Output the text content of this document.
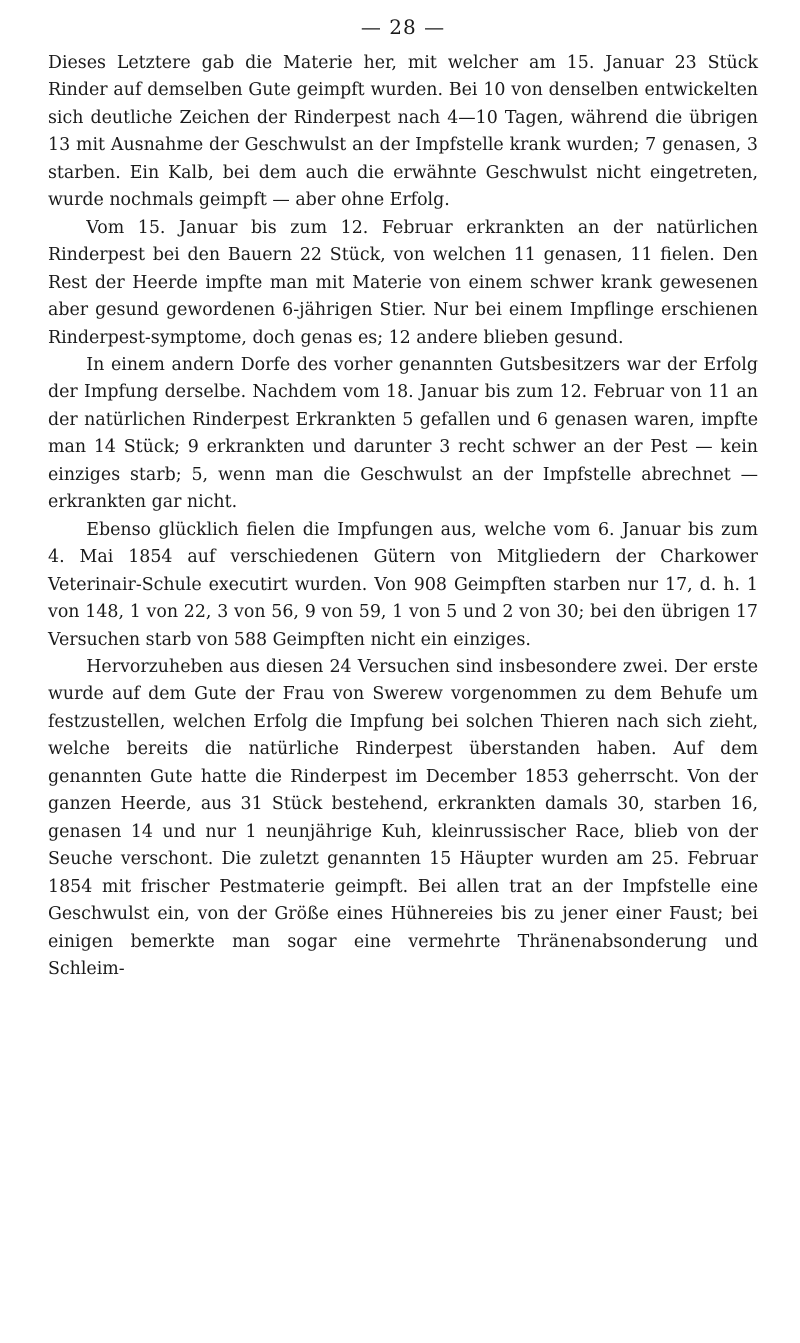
— 28 —

Dieses Letztere gab die Materie her, mit welcher am 15. Januar 23 Stück Rinder auf demselben Gute geimpft wurden. Bei 10 von denselben entwickelten sich deutliche Zeichen der Rinderpest nach 4—10 Tagen, während die übrigen 13 mit Ausnahme der Geschwulst an der Impfstelle krank wurden; 7 genasen, 3 starben. Ein Kalb, bei dem auch die erwähnte Geschwulst nicht eingetreten, wurde nochmals geimpft — aber ohne Erfolg.

Vom 15. Januar bis zum 12. Februar erkrankten an der natürlichen Rinderpest bei den Bauern 22 Stück, von welchen 11 genasen, 11 fielen. Den Rest der Heerde impfte man mit Materie von einem schwer krank gewesenen aber gesund gewordenen 6-jährigen Stier. Nur bei einem Impflinge erschienen Rinderpest-symptome, doch genas es; 12 andere blieben gesund.

In einem andern Dorfe des vorher genannten Gutsbesitzers war der Erfolg der Impfung derselbe. Nachdem vom 18. Januar bis zum 12. Februar von 11 an der natürlichen Rinderpest Erkrankten 5 gefallen und 6 genasen waren, impfte man 14 Stück; 9 erkrankten und darunter 3 recht schwer an der Pest — kein einziges starb; 5, wenn man die Geschwulst an der Impfstelle abrechnet — erkrankten gar nicht.

Ebenso glücklich fielen die Impfungen aus, welche vom 6. Januar bis zum 4. Mai 1854 auf verschiedenen Gütern von Mitgliedern der Charkower Veterinair-Schule executirt wurden. Von 908 Geimpften starben nur 17, d. h. 1 von 148, 1 von 22, 3 von 56, 9 von 59, 1 von 5 und 2 von 30; bei den übrigen 17 Versuchen starb von 588 Geimpften nicht ein einziges.

Hervorzuheben aus diesen 24 Versuchen sind insbesondere zwei. Der erste wurde auf dem Gute der Frau von Swerew vorgenommen zu dem Behufe um festzustellen, welchen Erfolg die Impfung bei solchen Thieren nach sich zieht, welche bereits die natürliche Rinderpest überstanden haben. Auf dem genannten Gute hatte die Rinderpest im December 1853 geherrscht. Von der ganzen Heerde, aus 31 Stück bestehend, erkrankten damals 30, starben 16, genasen 14 und nur 1 neunjährige Kuh, kleinrussischer Race, blieb von der Seuche verschont. Die zuletzt genannten 15 Häupter wurden am 25. Februar 1854 mit frischer Pestmaterie geimpft. Bei allen trat an der Impfstelle eine Geschwulst ein, von der Größe eines Hühnereies bis zu jener einer Faust; bei einigen bemerkte man sogar eine vermehrte Thränenabsonderung und Schleim-
